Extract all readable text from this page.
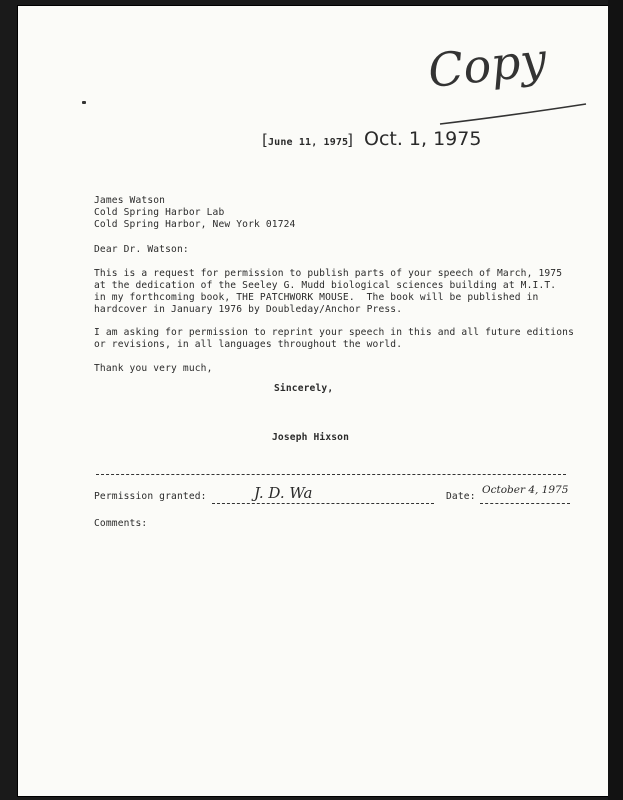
Copy
[
June 11, 1975
] Oct. 1, 1975
James Watson
Cold Spring Harbor Lab
Cold Spring Harbor, New York 01724
Dear Dr. Watson:
This is a request for permission to publish parts of your speech of March, 1975
at the dedication of the Seeley G. Mudd biological sciences building at M.I.T.
in my forthcoming book, THE PATCHWORK MOUSE.  The book will be published in
hardcover in January 1976 by Doubleday/Anchor Press.
I am asking for permission to reprint your speech in this and all future editions
or revisions, in all languages throughout the world.
Thank you very much,
Sincerely,
Joseph Hixson
Permission granted:	J. D. Wa	Date:
October 4, 1975
Comments:
